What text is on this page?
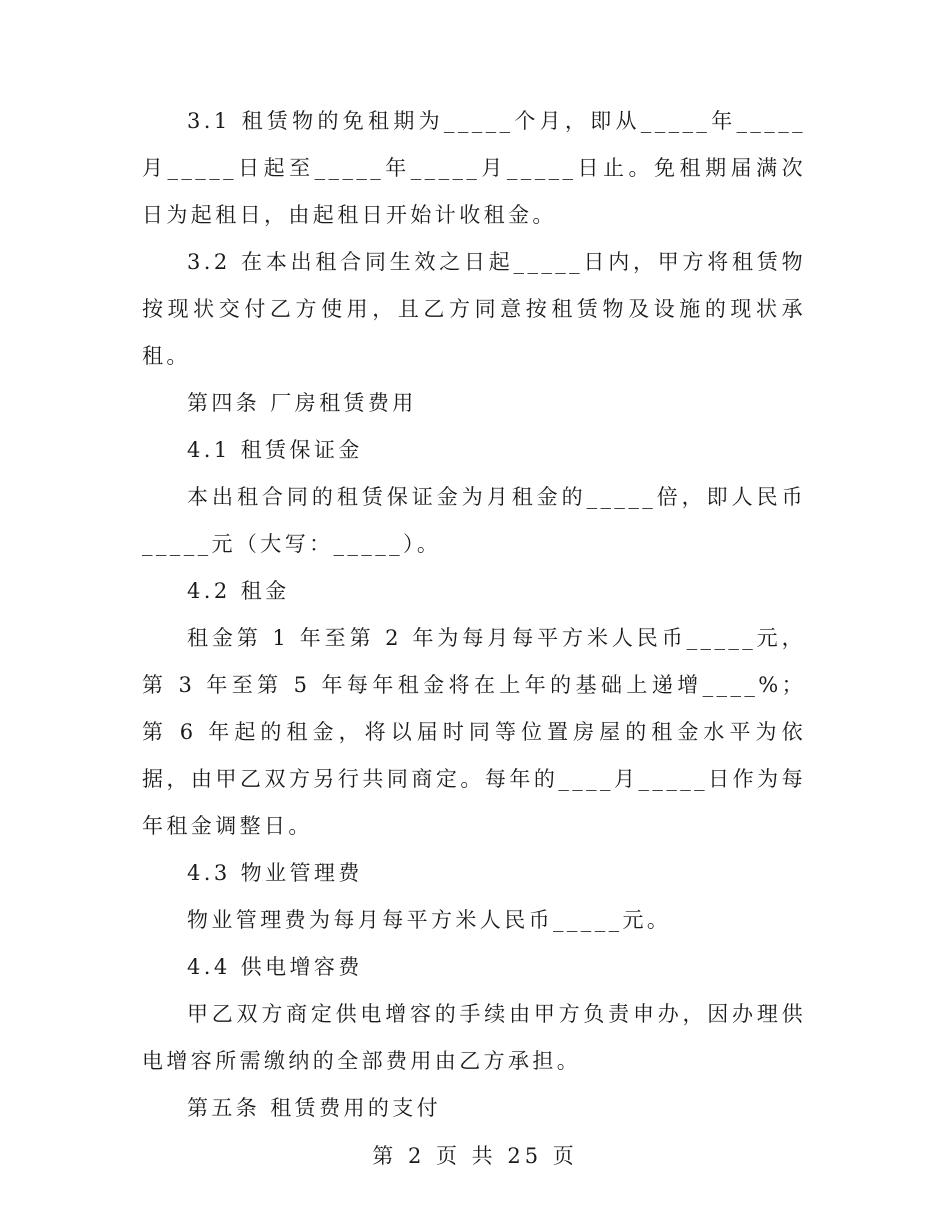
3.1 租赁物的免租期为_____个月，即从_____年_____月_____日起至_____年_____月_____日止。免租期届满次日为起租日，由起租日开始计收租金。

3.2 在本出租合同生效之日起_____日内，甲方将租赁物按现状交付乙方使用，且乙方同意按租赁物及设施的现状承租。

第四条 厂房租赁费用

4.1 租赁保证金

本出租合同的租赁保证金为月租金的_____倍，即人民币_____元（大写：_____）。

4.2 租金

租金第 1 年至第 2 年为每月每平方米人民币_____元，第 3 年至第 5 年每年租金将在上年的基础上递增____%；第 6 年起的租金，将以届时同等位置房屋的租金水平为依据，由甲乙双方另行共同商定。每年的____月_____日作为每年租金调整日。

4.3 物业管理费

物业管理费为每月每平方米人民币_____元。

4.4 供电增容费

甲乙双方商定供电增容的手续由甲方负责申办，因办理供电增容所需缴纳的全部费用由乙方承担。

第五条 租赁费用的支付

第 2 页 共 25 页
